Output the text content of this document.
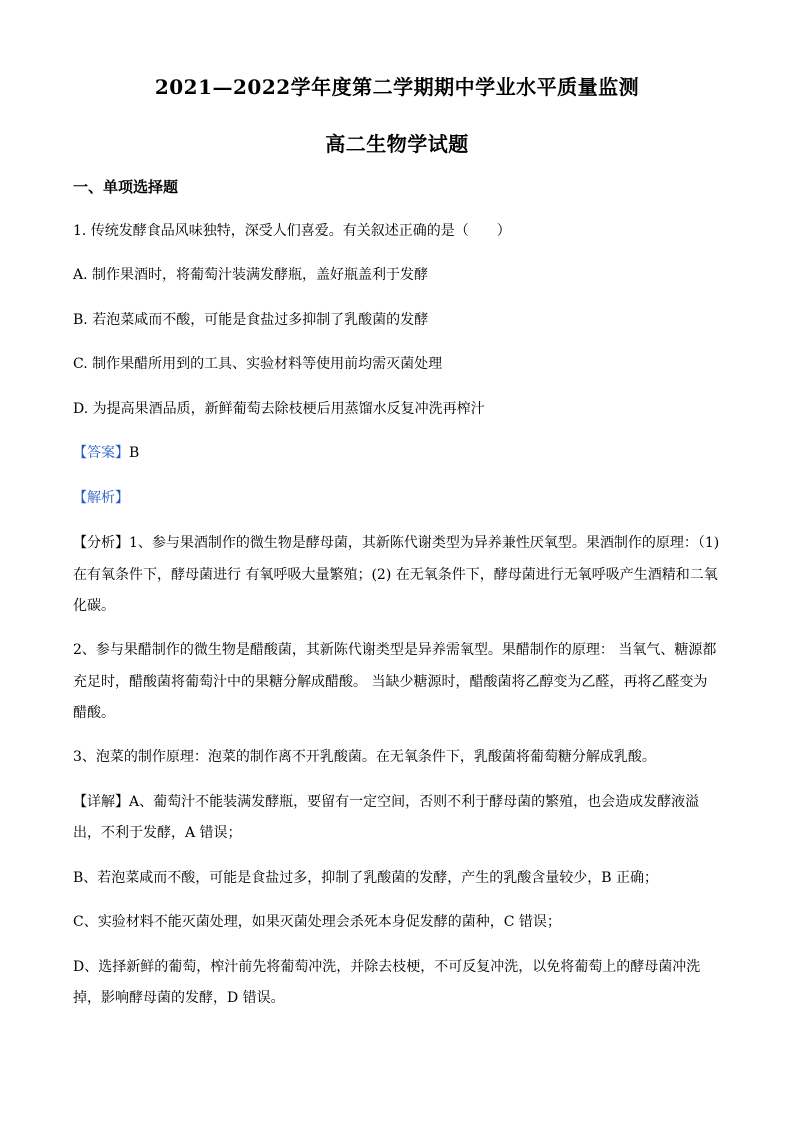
2021—2022学年度第二学期期中学业水平质量监测
高二生物学试题
一、单项选择题
1. 传统发酵食品风味独特，深受人们喜爱。有关叙述正确的是（　　）
A. 制作果酒时，将葡萄汁装满发酵瓶，盖好瓶盖利于发酵
B. 若泡菜咸而不酸，可能是食盐过多抑制了乳酸菌的发酵
C. 制作果醋所用到的工具、实验材料等使用前均需灭菌处理
D. 为提高果酒品质，新鲜葡萄去除枝梗后用蒸馏水反复冲洗再榨汁
【答案】B
【解析】
【分析】1、参与果酒制作的微生物是酵母菌，其新陈代谢类型为异养兼性厌氧型。果酒制作的原理：（1)
在有氧条件下，酵母菌进行 有氧呼吸大量繁殖；(2) 在无氧条件下，酵母菌进行无氧呼吸产生酒精和二氧
化碳。
2、参与果醋制作的微生物是醋酸菌，其新陈代谢类型是异养需氧型。果醋制作的原理： 当氧气、糖源都
充足时，醋酸菌将葡萄汁中的果糖分解成醋酸。 当缺少糖源时，醋酸菌将乙醇变为乙醛，再将乙醛变为
醋酸。
3、泡菜的制作原理：泡菜的制作离不开乳酸菌。在无氧条件下，乳酸菌将葡萄糖分解成乳酸。
【详解】A、葡萄汁不能装满发酵瓶，要留有一定空间，否则不利于酵母菌的繁殖，也会造成发酵液溢
出，不利于发酵，A 错误；
B、若泡菜咸而不酸，可能是食盐过多，抑制了乳酸菌的发酵，产生的乳酸含量较少，B 正确；
C、实验材料不能灭菌处理，如果灭菌处理会杀死本身促发酵的菌种，C 错误；
D、选择新鲜的葡萄，榨汁前先将葡萄冲洗，并除去枝梗，不可反复冲洗，以免将葡萄上的酵母菌冲洗
掉，影响酵母菌的发酵，D 错误。
